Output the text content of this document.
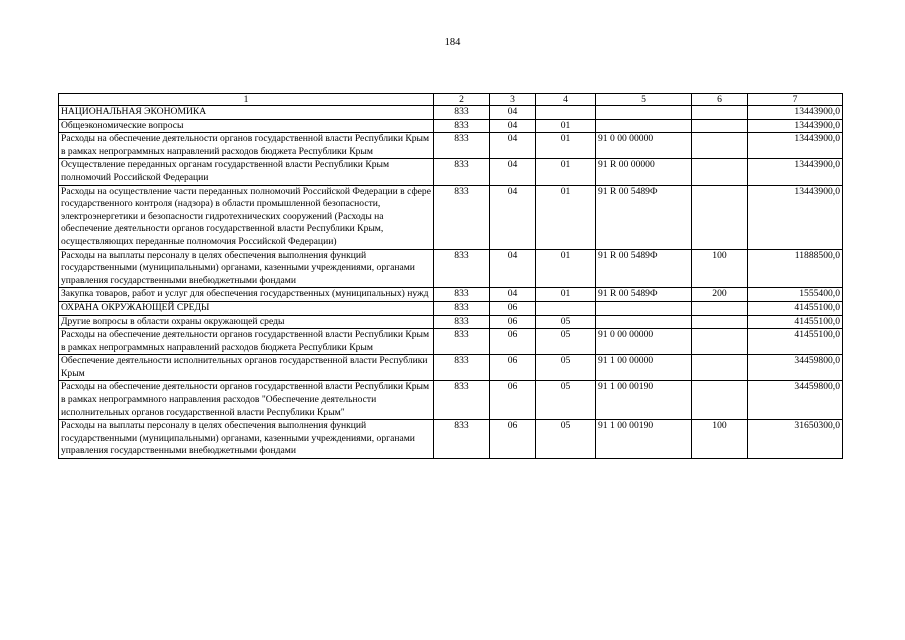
184
1	2	3	4	5	6	7
НАЦИОНАЛЬНАЯ ЭКОНОМИКА	833	04				13443900,0
Общеэкономические вопросы	833	04	01			13443900,0
Расходы на обеспечение деятельности органов государственной власти Республики Крым в рамках непрограммных направлений расходов бюджета Республики Крым	833	04	01	91 0 00 00000		13443900,0
Осуществление переданных органам государственной власти Республики Крым полномочий Российской Федерации	833	04	01	91 R 00 00000		13443900,0
Расходы на осуществление части переданных полномочий Российской Федерации в сфере государственного контроля (надзора) в области промышленной безопасности, электроэнергетики и безопасности гидротехнических сооружений (Расходы на обеспечение деятельности органов государственной власти Республики Крым, осуществляющих переданные полномочия Российской Федерации)	833	04	01	91 R 00 5489Ф		13443900,0
Расходы на выплаты персоналу в целях обеспечения выполнения функций государственными (муниципальными) органами, казенными учреждениями, органами управления государственными внебюджетными фондами	833	04	01	91 R 00 5489Ф	100	11888500,0
Закупка товаров, работ и услуг для обеспечения государственных (муниципальных) нужд	833	04	01	91 R 00 5489Ф	200	1555400,0
ОХРАНА ОКРУЖАЮЩЕЙ СРЕДЫ	833	06				41455100,0
Другие вопросы в области охраны окружающей среды	833	06	05			41455100,0
Расходы на обеспечение деятельности органов государственной власти Республики Крым в рамках непрограммных направлений расходов бюджета Республики Крым	833	06	05	91 0 00 00000		41455100,0
Обеспечение деятельности исполнительных органов государственной власти Республики Крым	833	06	05	91 1 00 00000		34459800,0
Расходы на обеспечение деятельности органов государственной власти Республики Крым в рамках непрограммного направления расходов "Обеспечение деятельности исполнительных органов государственной власти Республики Крым"	833	06	05	91 1 00 00190		34459800,0
Расходы на выплаты персоналу в целях обеспечения выполнения функций государственными (муниципальными) органами, казенными учреждениями, органами управления государственными внебюджетными фондами	833	06	05	91 1 00 00190	100	31650300,0
